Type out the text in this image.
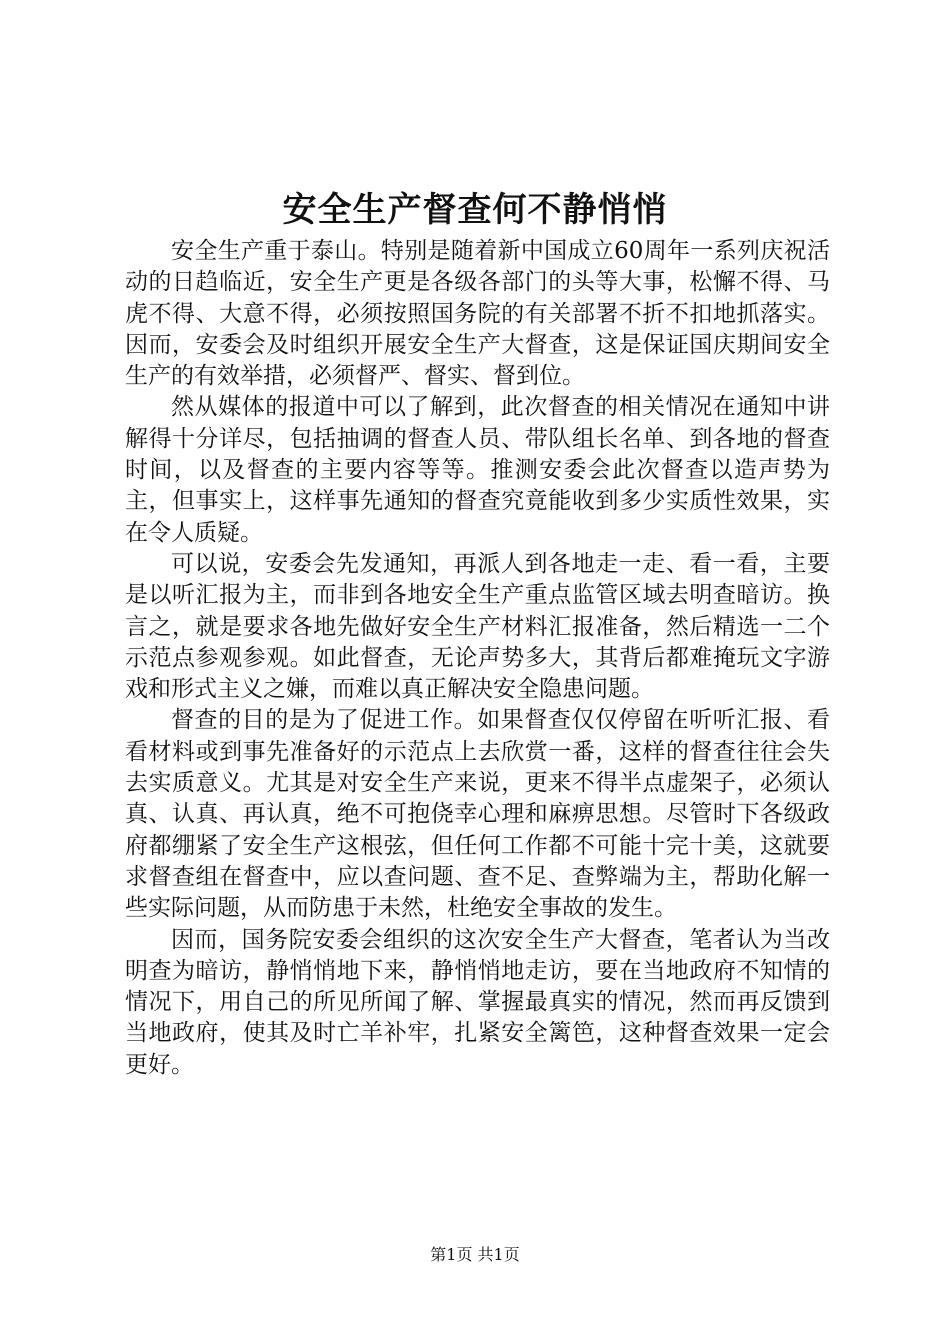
安全生产督查何不静悄悄

安全生产重于泰山。特别是随着新中国成立60周年一系列庆祝活动的日趋临近，安全生产更是各级各部门的头等大事，松懈不得、马虎不得、大意不得，必须按照国务院的有关部署不折不扣地抓落实。因而，安委会及时组织开展安全生产大督查，这是保证国庆期间安全生产的有效举措，必须督严、督实、督到位。

然从媒体的报道中可以了解到，此次督查的相关情况在通知中讲解得十分详尽，包括抽调的督查人员、带队组长名单、到各地的督查时间，以及督查的主要内容等等。推测安委会此次督查以造声势为主，但事实上，这样事先通知的督查究竟能收到多少实质性效果，实在令人质疑。

可以说，安委会先发通知，再派人到各地走一走、看一看，主要是以听汇报为主，而非到各地安全生产重点监管区域去明查暗访。换言之，就是要求各地先做好安全生产材料汇报准备，然后精选一二个示范点参观参观。如此督查，无论声势多大，其背后都难掩玩文字游戏和形式主义之嫌，而难以真正解决安全隐患问题。

督查的目的是为了促进工作。如果督查仅仅停留在听听汇报、看看材料或到事先准备好的示范点上去欣赏一番，这样的督查往往会失去实质意义。尤其是对安全生产来说，更来不得半点虚架子，必须认真、认真、再认真，绝不可抱侥幸心理和麻痹思想。尽管时下各级政府都绷紧了安全生产这根弦，但任何工作都不可能十完十美，这就要求督查组在督查中，应以查问题、查不足、查弊端为主，帮助化解一些实际问题，从而防患于未然，杜绝安全事故的发生。

因而，国务院安委会组织的这次安全生产大督查，笔者认为当改明查为暗访，静悄悄地下来，静悄悄地走访，要在当地政府不知情的情况下，用自己的所见所闻了解、掌握最真实的情况，然而再反馈到当地政府，使其及时亡羊补牢，扎紧安全篱笆，这种督查效果一定会更好。

第1页 共1页
